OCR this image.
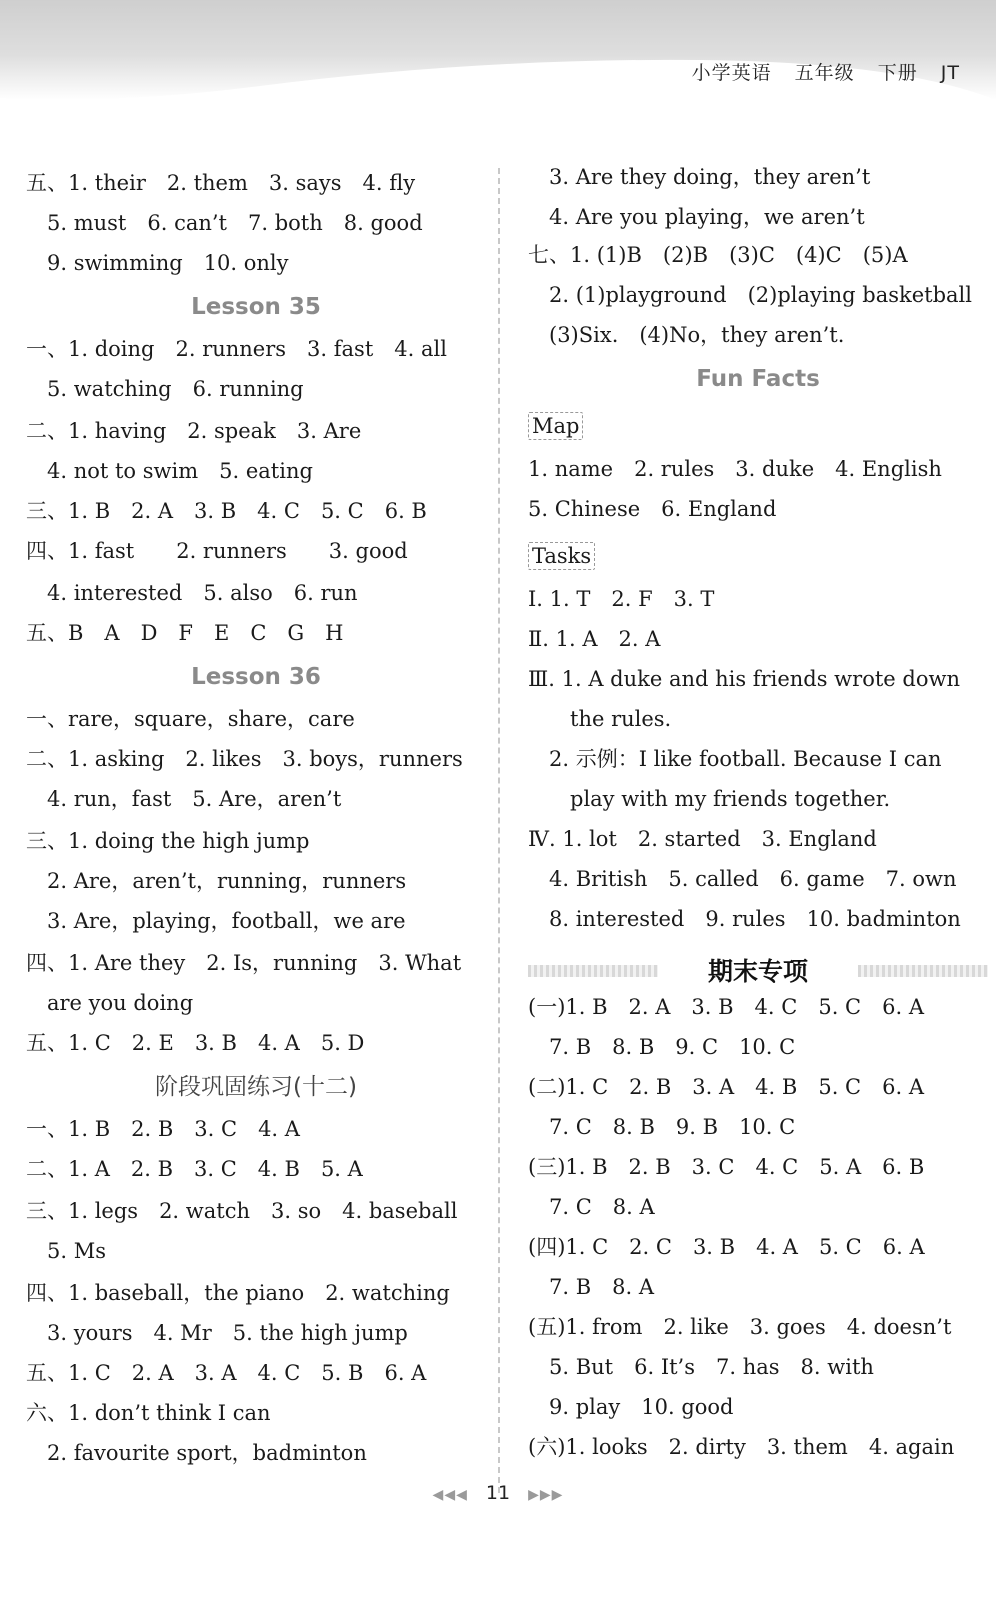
小学英语 五年级 下册 JT
五、1. their　2. them　3. says　4. fly
　5. must　6. can’t　7. both　8. good
　9. swimming　10. only
Lesson 35
一、1. doing　2. runners　3. fast　4. all
　5. watching　6. running
二、1. having　2. speak　3. Are
　4. not to swim　5. eating
三、1. B　2. A　3. B　4. C　5. C　6. B
四、1. fast　　2. runners　　3. good
　4. interested　5. also　6. run
五、B　A　D　F　E　C　G　H
Lesson 36
一、rare，square，share，care
二、1. asking　2. likes　3. boys，runners
　4. run，fast　5. Are，aren’t
三、1. doing the high jump
　2. Are，aren’t，running，runners
　3. Are，playing，football，we are
四、1. Are they　2. Is，running　3. What
　are you doing
五、1. C　2. E　3. B　4. A　5. D
阶段巩固练习(十二)
一、1. B　2. B　3. C　4. A
二、1. A　2. B　3. C　4. B　5. A
三、1. legs　2. watch　3. so　4. baseball
　5. Ms
四、1. baseball，the piano　2. watching
　3. yours　4. Mr　5. the high jump
五、1. C　2. A　3. A　4. C　5. B　6. A
六、1. don’t think I can
　2. favourite sport，badminton
　3. Are they doing，they aren’t
　4. Are you playing，we aren’t
七、1. (1)B　(2)B　(3)C　(4)C　(5)A
　2. (1)playground　(2)playing basketball
　(3)Six.　(4)No，they aren’t.
Fun Facts
Map
1. name　2. rules　3. duke　4. English
5. Chinese　6. England
Tasks
Ⅰ. 1. T　2. F　3. T
Ⅱ. 1. A　2. A
Ⅲ. 1. A duke and his friends wrote down
　　the rules.
　2. 示例：I like football. Because I can
　　play with my friends together.
Ⅳ. 1. lot　2. started　3. England
　4. British　5. called　6. game　7. own
　8. interested　9. rules　10. badminton
期末专项
(一)1. B　2. A　3. B　4. C　5. C　6. A
　7. B　8. B　9. C　10. C
(二)1. C　2. B　3. A　4. B　5. C　6. A
　7. C　8. B　9. B　10. C
(三)1. B　2. B　3. C　4. C　5. A　6. B
　7. C　8. A
(四)1. C　2. C　3. B　4. A　5. C　6. A
　7. B　8. A
(五)1. from　2. like　3. goes　4. doesn’t
　5. But　6. It’s　7. has　8. with
　9. play　10. good
(六)1. looks　2. dirty　3. them　4. again
◀◀◀ 11 ▶▶▶
